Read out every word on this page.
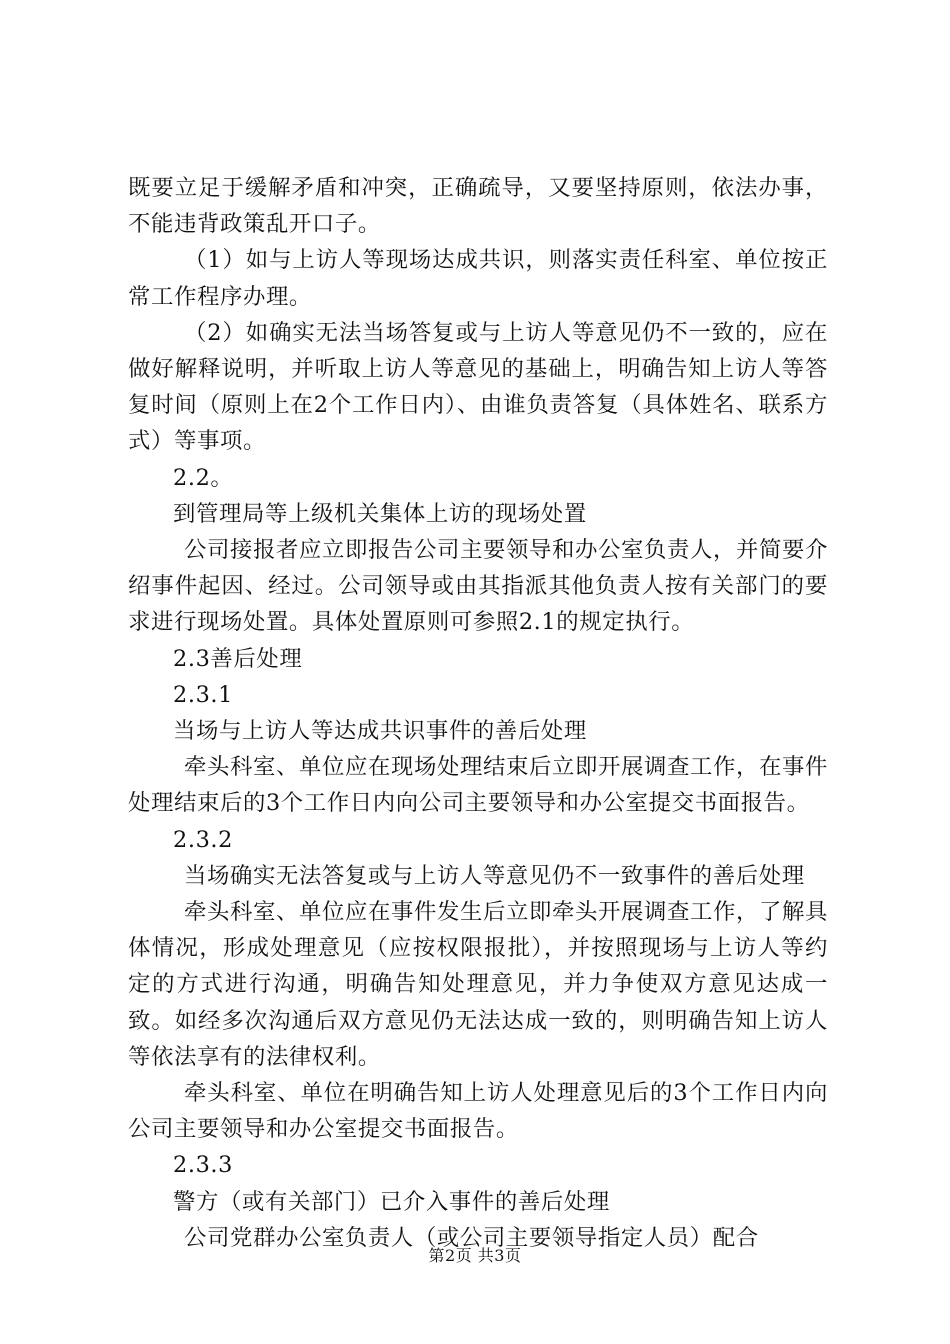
既要立足于缓解矛盾和冲突，正确疏导，又要坚持原则，依法办事，不能违背政策乱开口子。

（1）如与上访人等现场达成共识，则落实责任科室、单位按正常工作程序办理。

（2）如确实无法当场答复或与上访人等意见仍不一致的，应在做好解释说明，并听取上访人等意见的基础上，明确告知上访人等答复时间（原则上在2个工作日内）、由谁负责答复（具体姓名、联系方式）等事项。

2.2。

到管理局等上级机关集体上访的现场处置

公司接报者应立即报告公司主要领导和办公室负责人，并简要介绍事件起因、经过。公司领导或由其指派其他负责人按有关部门的要求进行现场处置。具体处置原则可参照2.1的规定执行。

2.3善后处理

2.3.1

当场与上访人等达成共识事件的善后处理

牵头科室、单位应在现场处理结束后立即开展调查工作，在事件处理结束后的3个工作日内向公司主要领导和办公室提交书面报告。

2.3.2

当场确实无法答复或与上访人等意见仍不一致事件的善后处理

牵头科室、单位应在事件发生后立即牵头开展调查工作，了解具体情况，形成处理意见（应按权限报批），并按照现场与上访人等约定的方式进行沟通，明确告知处理意见，并力争使双方意见达成一致。如经多次沟通后双方意见仍无法达成一致的，则明确告知上访人等依法享有的法律权利。

牵头科室、单位在明确告知上访人处理意见后的3个工作日内向公司主要领导和办公室提交书面报告。

2.3.3

警方（或有关部门）已介入事件的善后处理

公司党群办公室负责人（或公司主要领导指定人员）配合

第2页 共3页
